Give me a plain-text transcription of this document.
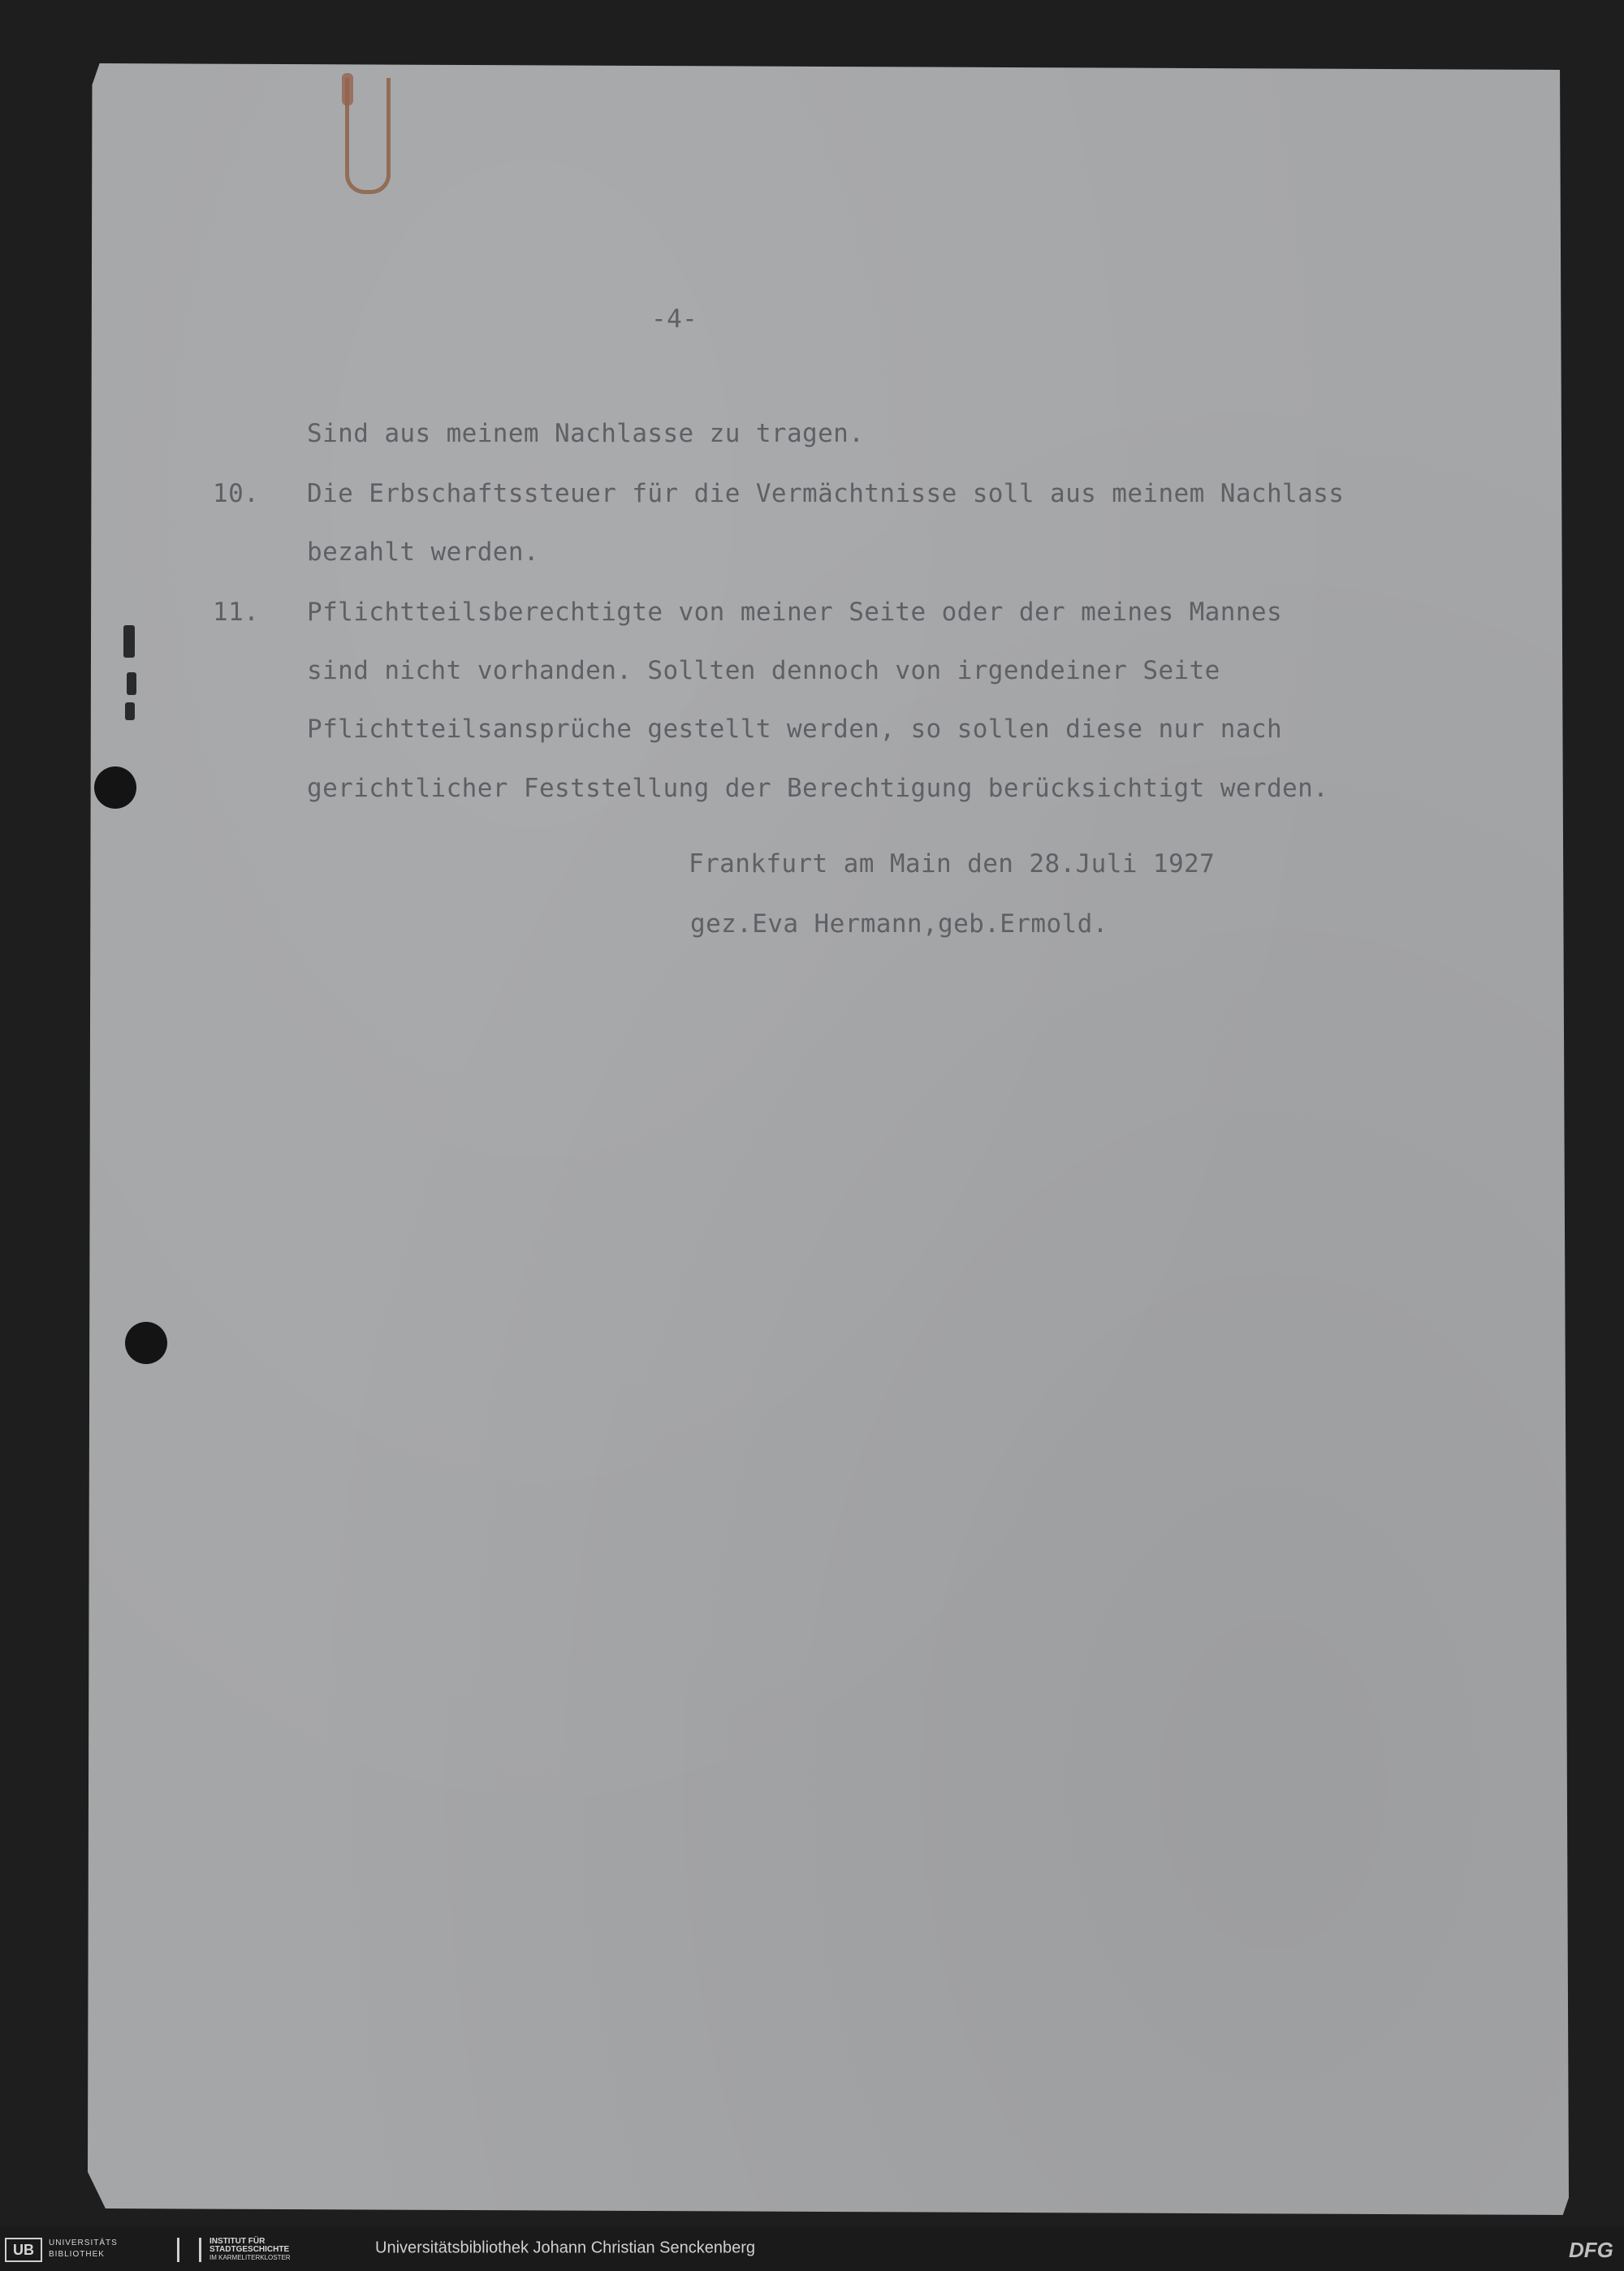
-4-
Sind aus meinem Nachlasse zu tragen.
10. Die Erbschaftssteuer für die Vermächtnisse soll aus meinem Nachlass
bezahlt werden.
11. Pflichtteilsberechtigte von meiner Seite oder der meines Mannes
sind nicht vorhanden. Sollten dennoch von irgendeiner Seite
Pflichtteilsansprüche gestellt werden, so sollen diese nur nach
gerichtlicher Feststellung der Berechtigung berücksichtigt werden.
Frankfurt am Main den 28.Juli 1927
gez.Eva Hermann,geb.Ermold.
UB	UNIVERSITÄTS
BIBLIOTHEK
INSTITUT FÜR
STADTGESCHICHTE
IM KARMELITERKLOSTER
Universitätsbibliothek Johann Christian Senckenberg	DFG
